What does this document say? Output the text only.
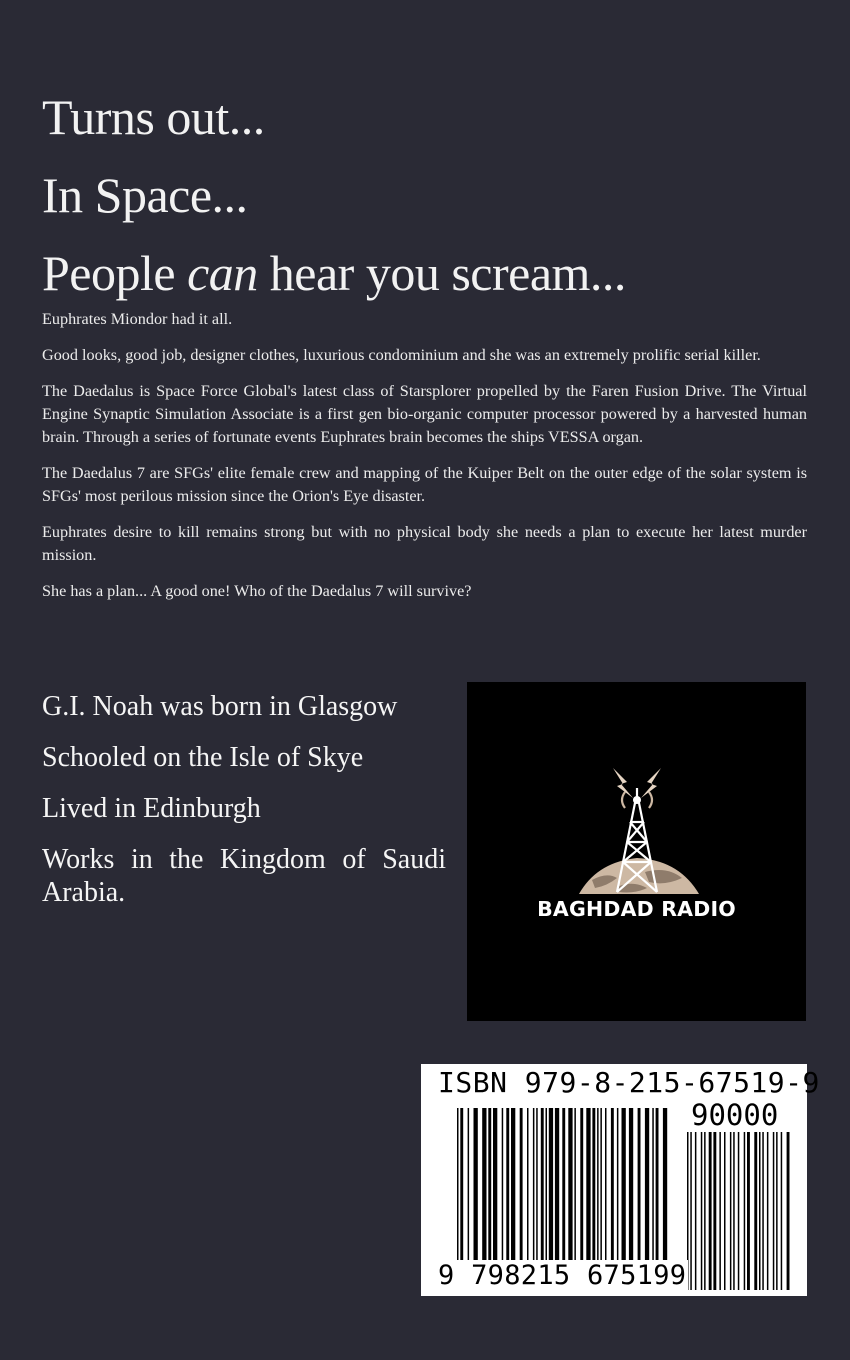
Turns out...
In Space...
People can hear you scream...

Euphrates Miondor had it all.

Good looks, good job, designer clothes, luxurious condominium and she was an extremely prolific serial killer.

The Daedalus is Space Force Global's latest class of Starsplorer propelled by the Faren Fusion Drive. The Virtual Engine Synaptic Simulation Associate is a first gen bio-organic computer processor powered by a harvested human brain. Through a series of fortunate events Euphrates brain becomes the ships VESSA organ.

The Daedalus 7 are SFGs' elite female crew and mapping of the Kuiper Belt on the outer edge of the solar system is SFGs' most perilous mission since the Orion's Eye disaster.

Euphrates desire to kill remains strong but with no physical body she needs a plan to execute her latest murder mission.

She has a plan... A good one! Who of the Daedalus 7 will survive?

G.I. Noah was born in Glasgow

Schooled on the Isle of Skye

Lived in Edinburgh

Works in the Kingdom of Saudi Arabia.

BAGHDAD RADIO
ISBN 979-8-215-67519-9
90000
9 798215 675199
